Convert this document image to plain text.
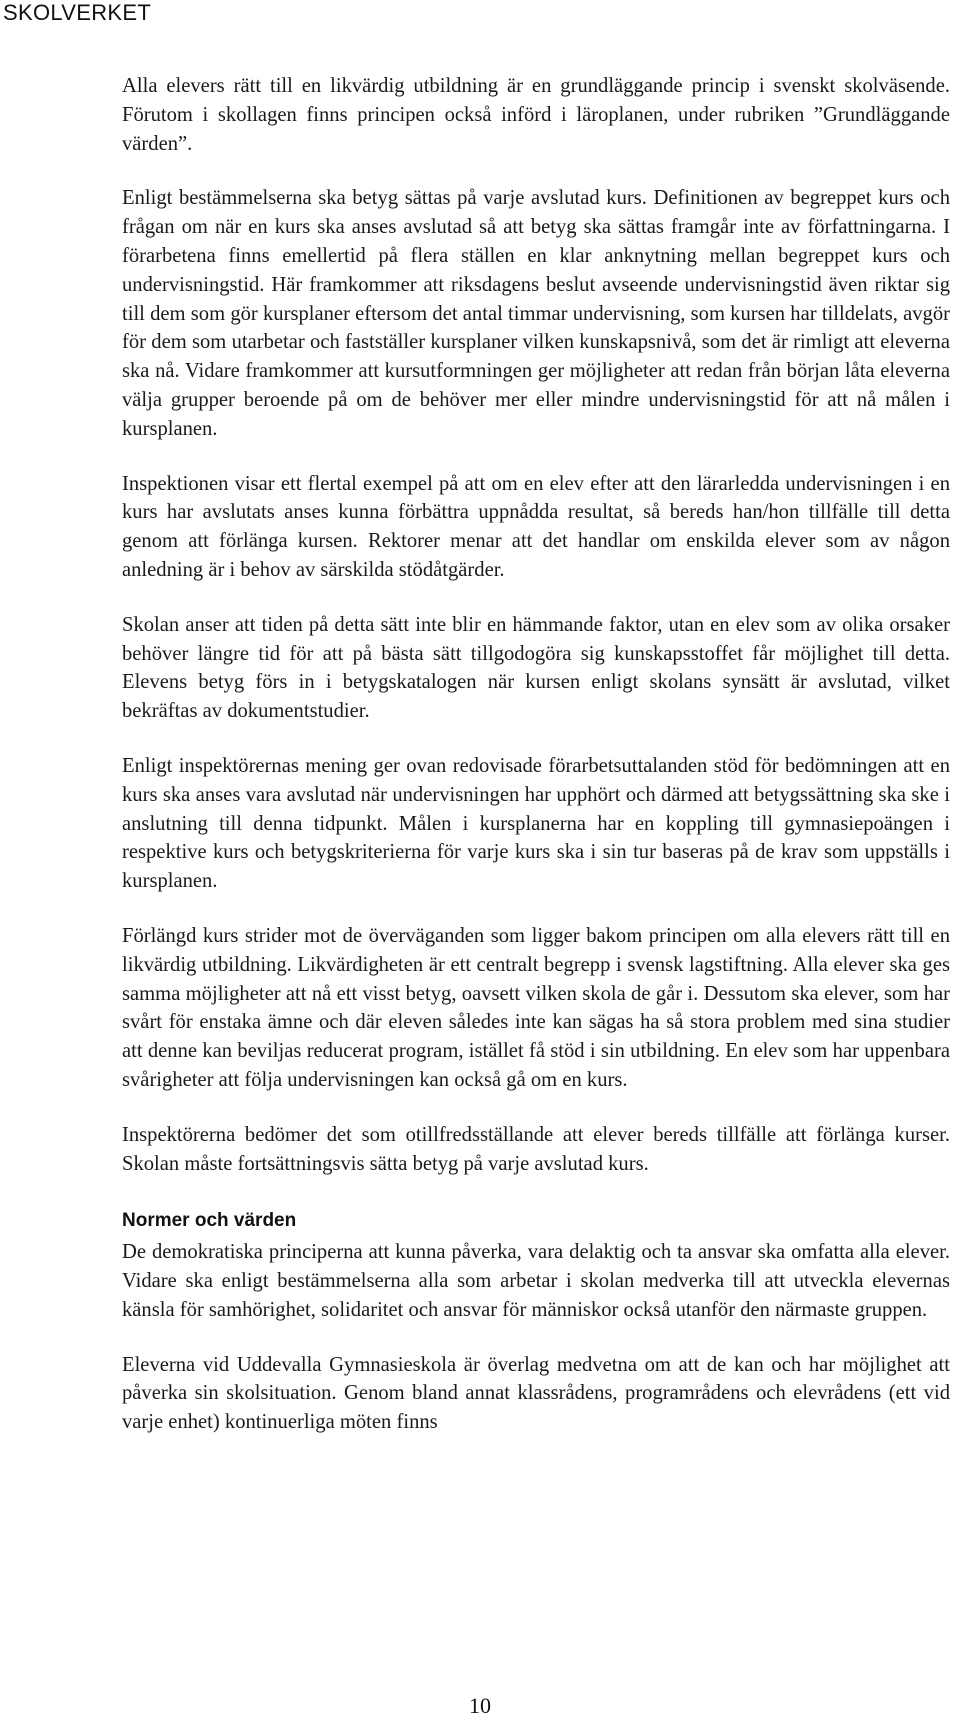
SKOLVERKET

Alla elevers rätt till en likvärdig utbildning är en grundläggande princip i svenskt skolväsende. Förutom i skollagen finns principen också införd i läroplanen, under rubriken ”Grundläggande värden”.

Enligt bestämmelserna ska betyg sättas på varje avslutad kurs. Definitionen av begreppet kurs och frågan om när en kurs ska anses avslutad så att betyg ska sättas framgår inte av författningarna. I förarbetena finns emellertid på flera ställen en klar anknytning mellan begreppet kurs och undervisningstid. Här framkommer att riksdagens beslut avseende undervisningstid även riktar sig till dem som gör kursplaner eftersom det antal timmar undervisning, som kursen har tilldelats, avgör för dem som utarbetar och fastställer kursplaner vilken kunskapsnivå, som det är rimligt att eleverna ska nå. Vidare framkommer att kursutformningen ger möjligheter att redan från början låta eleverna välja grupper beroende på om de behöver mer eller mindre undervisningstid för att nå målen i kursplanen.

Inspektionen visar ett flertal exempel på att om en elev efter att den lärarledda undervisningen i en kurs har avslutats anses kunna förbättra uppnådda resultat, så bereds han/hon tillfälle till detta genom att förlänga kursen. Rektorer menar att det handlar om enskilda elever som av någon anledning är i behov av särskilda stödåtgärder.

Skolan anser att tiden på detta sätt inte blir en hämmande faktor, utan en elev som av olika orsaker behöver längre tid för att på bästa sätt tillgodogöra sig kunskapsstoffet får möjlighet till detta. Elevens betyg förs in i betygskatalogen när kursen enligt skolans synsätt är avslutad, vilket bekräftas av dokumentstudier.

Enligt inspektörernas mening ger ovan redovisade förarbetsuttalanden stöd för bedömningen att en kurs ska anses vara avslutad när undervisningen har upphört och därmed att betygssättning ska ske i anslutning till denna tidpunkt. Målen i kursplanerna har en koppling till gymnasiepoängen i respektive kurs och betygskriterierna för varje kurs ska i sin tur baseras på de krav som uppställs i kursplanen.

Förlängd kurs strider mot de överväganden som ligger bakom principen om alla elevers rätt till en likvärdig utbildning. Likvärdigheten är ett centralt begrepp i svensk lagstiftning. Alla elever ska ges samma möjligheter att nå ett visst betyg, oavsett vilken skola de går i. Dessutom ska elever, som har svårt för enstaka ämne och där eleven således inte kan sägas ha så stora problem med sina studier att denne kan beviljas reducerat program, istället få stöd i sin utbildning. En elev som har uppenbara svårigheter att följa undervisningen kan också gå om en kurs.

Inspektörerna bedömer det som otillfredsställande att elever bereds tillfälle att förlänga kurser. Skolan måste fortsättningsvis sätta betyg på varje avslutad kurs.

Normer och värden

De demokratiska principerna att kunna påverka, vara delaktig och ta ansvar ska omfatta alla elever. Vidare ska enligt bestämmelserna alla som arbetar i skolan medverka till att utveckla elevernas känsla för samhörighet, solidaritet och ansvar för människor också utanför den närmaste gruppen.

Eleverna vid Uddevalla Gymnasieskola är överlag medvetna om att de kan och har möjlighet att påverka sin skolsituation. Genom bland annat klassrådens, programrådens och elevrådens (ett vid varje enhet) kontinuerliga möten finns

10
